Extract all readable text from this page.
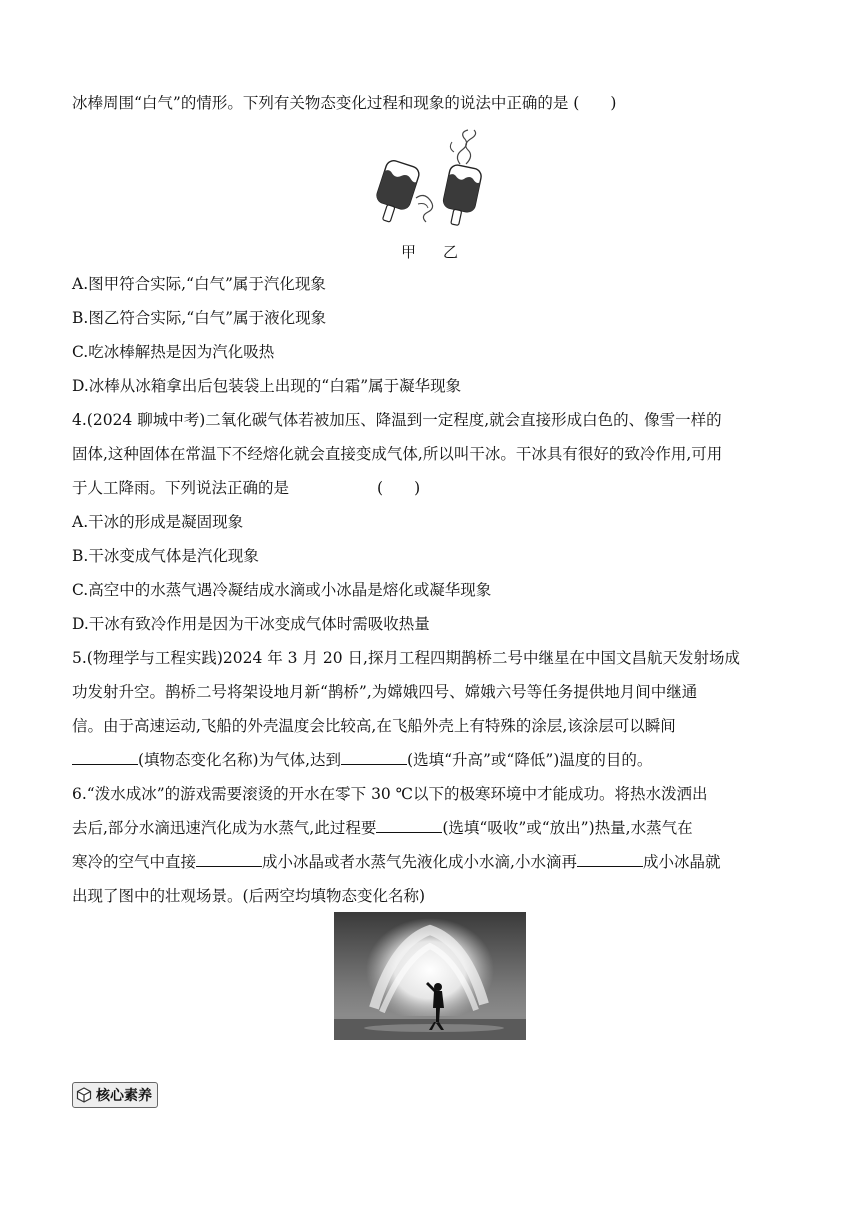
冰棒周围“白气”的情形。下列有关物态变化过程和现象的说法中正确的是 (　　)
甲 乙
A.图甲符合实际,“白气”属于汽化现象
B.图乙符合实际,“白气”属于液化现象
C.吃冰棒解热是因为汽化吸热
D.冰棒从冰箱拿出后包装袋上出现的“白霜”属于凝华现象
4.(2024 聊城中考)二氧化碳气体若被加压、降温到一定程度,就会直接形成白色的、像雪一样的
固体,这种固体在常温下不经熔化就会直接变成气体,所以叫干冰。干冰具有很好的致冷作用,可用
于人工降雨。下列说法正确的是	(　　)
A.干冰的形成是凝固现象
B.干冰变成气体是汽化现象
C.高空中的水蒸气遇冷凝结成水滴或小冰晶是熔化或凝华现象
D.干冰有致冷作用是因为干冰变成气体时需吸收热量
5.(物理学与工程实践)2024 年 3 月 20 日,探月工程四期鹊桥二号中继星在中国文昌航天发射场成
功发射升空。鹊桥二号将架设地月新“鹊桥”,为嫦娥四号、嫦娥六号等任务提供地月间中继通
信。由于高速运动,飞船的外壳温度会比较高,在飞船外壳上有特殊的涂层,该涂层可以瞬间
(填物态变化名称)为气体,达到	(选填“升高”或“降低”)温度的目的。
6.“泼水成冰”的游戏需要滚烫的开水在零下 30 ℃以下的极寒环境中才能成功。将热水泼洒出
去后,部分水滴迅速汽化成为水蒸气,此过程要	(选填“吸收”或“放出”)热量,水蒸气在
寒冷的空气中直接	成小冰晶或者水蒸气先液化成小水滴,小水滴再	成小冰晶就
出现了图中的壮观场景。(后两空均填物态变化名称)
核心素养
